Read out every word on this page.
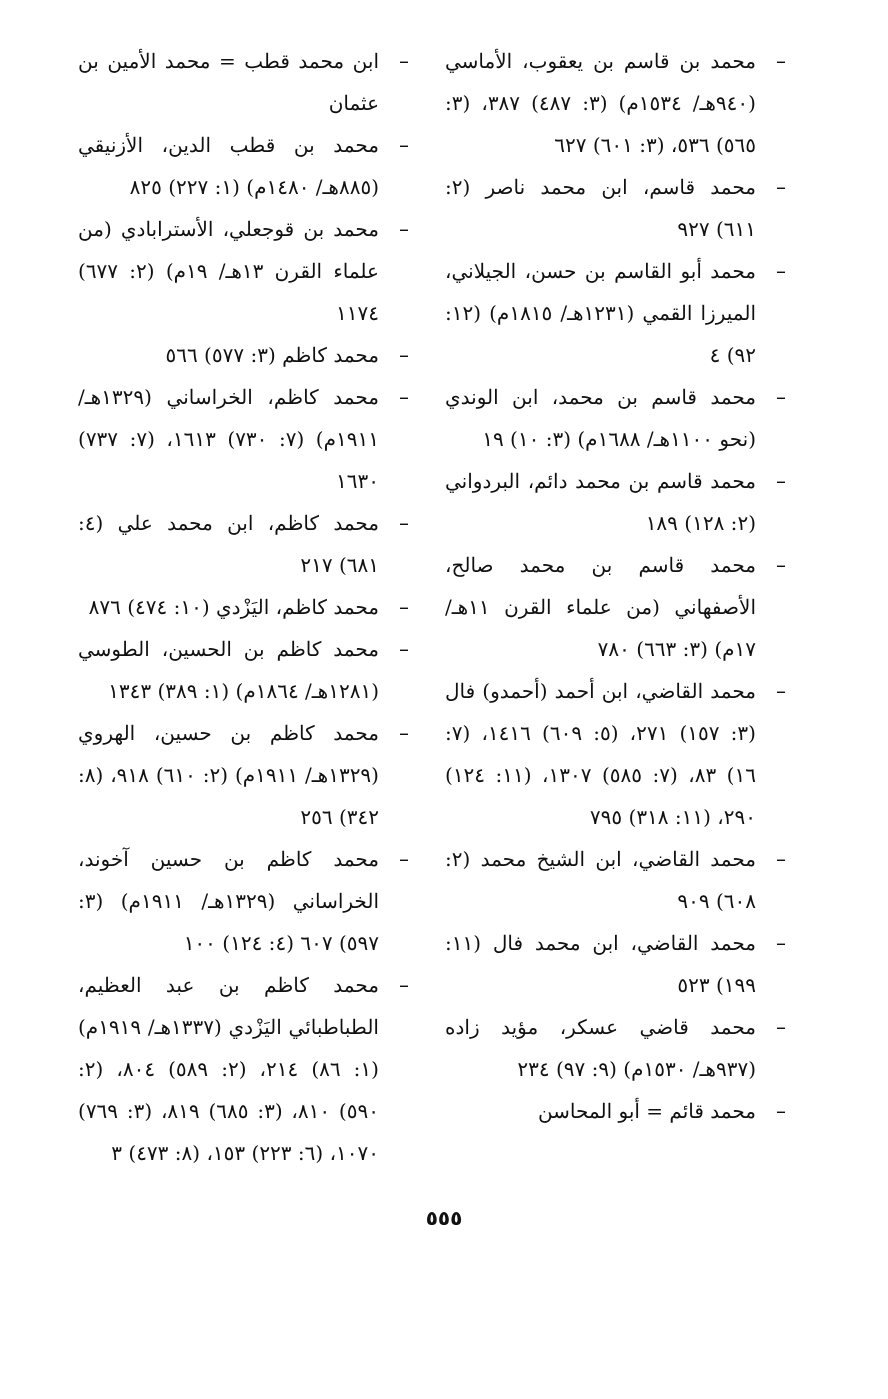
–
محمد بن قاسم بن يعقوب، الأماسي (٩٤٠هـ/ ١٥٣٤م) (٣: ٤٨٧) ٣٨٧، (٣: ٥٦٥) ٥٣٦، (٣: ٦٠١) ٦٢٧

–
محمد قاسم، ابن محمد ناصر (٢: ٦١١) ٩٢٧

–
محمد أبو القاسم بن حسن، الجيلاني، الميرزا القمي (١٢٣١هـ/ ١٨١٥م) (١٢: ٩٢) ٤

–
محمد قاسم بن محمد، ابن الوندي (نحو ١١٠٠هـ/ ١٦٨٨م) (٣: ١٠) ١٩

–
محمد قاسم بن محمد دائم، البردواني (٢: ١٢٨) ١٨٩

–
محمد قاسم بن محمد صالح، الأصفهاني (من علماء القرن ١١هـ/ ١٧م) (٣: ٦٦٣) ٧٨٠

–
محمد القاضي، ابن أحمد (أحمدو) فال (٣: ١٥٧) ٢٧١، (٥: ٦٠٩) ١٤١٦، (٧: ١٦) ٨٣، (٧: ٥٨٥) ١٣٠٧، (١١: ١٢٤) ٢٩٠، (١١: ٣١٨) ٧٩٥

–
محمد القاضي، ابن الشيخ محمد (٢: ٦٠٨) ٩٠٩

–
محمد القاضي، ابن محمد فال (١١: ١٩٩) ٥٢٣

–
محمد قاضي عسكر، مؤيد زاده (٩٣٧هـ/ ١٥٣٠م) (٩: ٩٧) ٢٣٤

–
محمد قائم = أبو المحاسن

–
ابن محمد قطب = محمد الأمين بن عثمان

–
محمد بن قطب الدين، الأزنيقي (٨٨٥هـ/ ١٤٨٠م) (١: ٢٢٧) ٨٢٥

–
محمد بن قوجعلي، الأسترابادي (من علماء القرن ١٣هـ/ ١٩م) (٢: ٦٧٧) ١١٧٤

–
محمد كاظم (٣: ٥٧٧) ٥٦٦

–
محمد كاظم، الخراساني (١٣٢٩هـ/ ١٩١١م) (٧: ٧٣٠) ١٦١٣، (٧: ٧٣٧) ١٦٣٠

–
محمد كاظم، ابن محمد علي (٤: ٦٨١) ٢١٧

–
محمد كاظم، اليَزْدي (١٠: ٤٧٤) ٨٧٦

–
محمد كاظم بن الحسين، الطوسي (١٢٨١هـ/ ١٨٦٤م) (١: ٣٨٩) ١٣٤٣

–
محمد كاظم بن حسين، الهروي (١٣٢٩هـ/ ١٩١١م) (٢: ٦١٠) ٩١٨، (٨: ٣٤٢) ٢٥٦

–
محمد كاظم بن حسين آخوند، الخراساني (١٣٢٩هـ/ ١٩١١م) (٣: ٥٩٧) ٦٠٧ (٤: ١٢٤) ١٠٠

–
محمد كاظم بن عبد العظيم، الطباطبائي اليَزْدي (١٣٣٧هـ/ ١٩١٩م) (١: ٨٦) ٢١٤، (٢: ٥٨٩) ٨٠٤، (٢: ٥٩٠) ٨١٠، (٣: ٦٨٥) ٨١٩، (٣: ٧٦٩) ١٠٧٠، (٦: ٢٢٣) ١٥٣، (٨: ٤٧٣) ٣

٥٥٥
